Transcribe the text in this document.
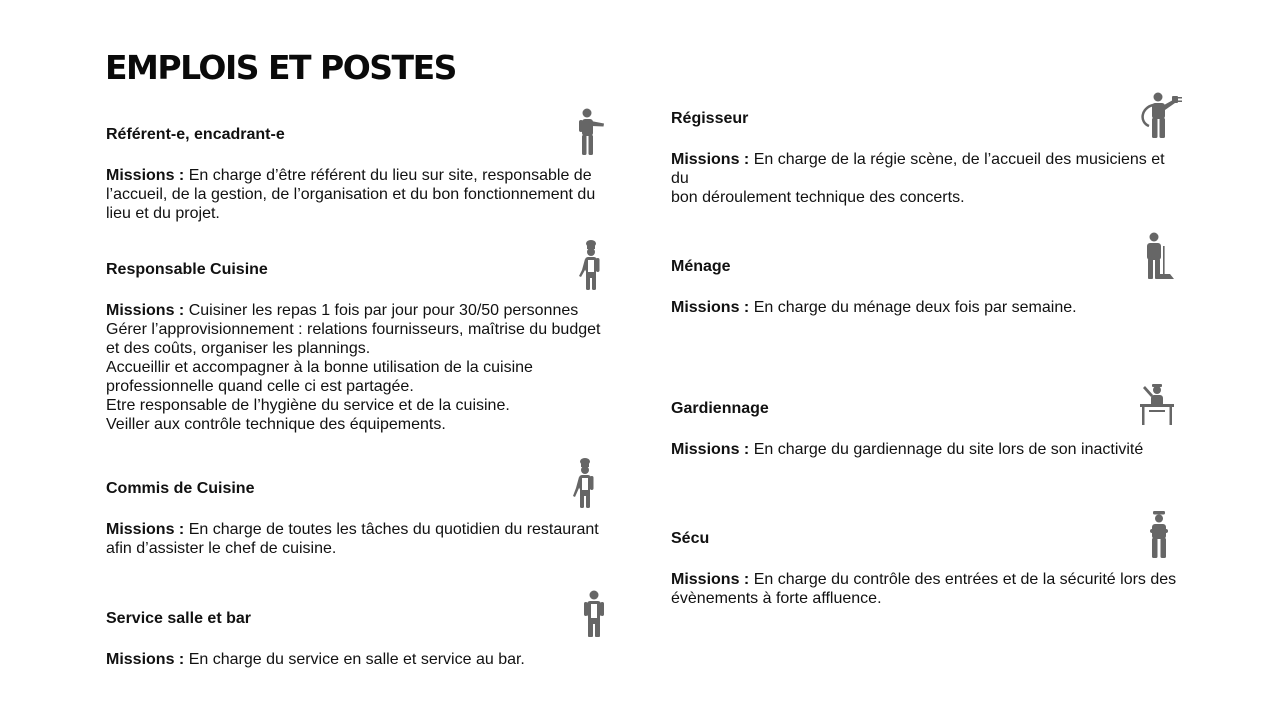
EMPLOIS ET POSTES
Référent-e, encadrant-e
Missions : En charge d’être référent du lieu sur site, responsable de
l’accueil, de la gestion, de l’organisation et du bon fonctionnement du
lieu et du projet.
Responsable Cuisine
Missions : Cuisiner les repas 1 fois par jour pour 30/50 personnes
Gérer l’approvisionnement : relations fournisseurs, maîtrise du budget
et des coûts, organiser les plannings.
Accueillir et accompagner à la bonne utilisation de la cuisine
professionnelle quand celle ci est partagée.
Etre responsable de l’hygiène du service et de la cuisine.
Veiller aux contrôle technique des équipements.
Commis de Cuisine
Missions : En charge de toutes les tâches du quotidien du restaurant
afin d’assister le chef de cuisine.
Service salle et bar
Missions : En charge du service en salle et service au bar.
Régisseur
Missions : En charge de la régie scène, de l’accueil des musiciens et du
bon déroulement technique des concerts.
Ménage
Missions : En charge du ménage deux fois par semaine.
Gardiennage
Missions : En charge du gardiennage du site lors de son inactivité
Sécu
Missions : En charge du contrôle des entrées et de la sécurité lors des
évènements à forte affluence.
